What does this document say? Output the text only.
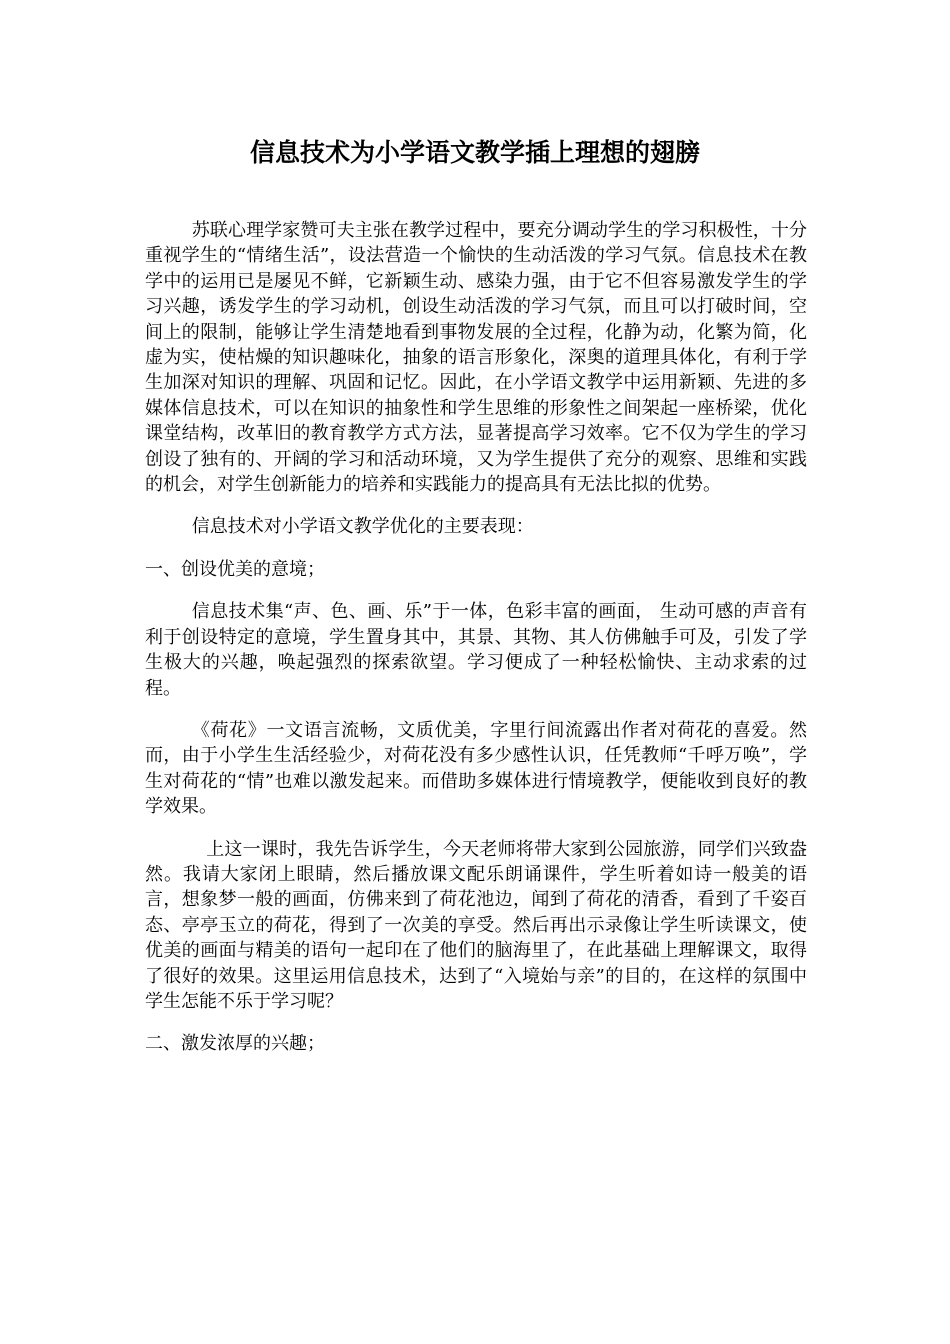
信息技术为小学语文教学插上理想的翅膀

苏联心理学家赞可夫主张在教学过程中，要充分调动学生的学习积极性，十分重视学生的“情绪生活”，设法营造一个愉快的生动活泼的学习气氛。信息技术在教学中的运用已是屡见不鲜，它新颖生动、感染力强，由于它不但容易激发学生的学习兴趣，诱发学生的学习动机，创设生动活泼的学习气氛，而且可以打破时间，空间上的限制，能够让学生清楚地看到事物发展的全过程，化静为动，化繁为简，化虚为实，使枯燥的知识趣味化，抽象的语言形象化，深奥的道理具体化，有利于学生加深对知识的理解、巩固和记忆。因此，在小学语文教学中运用新颖、先进的多媒体信息技术，可以在知识的抽象性和学生思维的形象性之间架起一座桥梁，优化课堂结构，改革旧的教育教学方式方法，显著提高学习效率。它不仅为学生的学习创设了独有的、开阔的学习和活动环境，又为学生提供了充分的观察、思维和实践的机会，对学生创新能力的培养和实践能力的提高具有无法比拟的优势。

信息技术对小学语文教学优化的主要表现：

一、创设优美的意境；

信息技术集“声、色、画、乐”于一体，色彩丰富的画面， 生动可感的声音有利于创设特定的意境，学生置身其中，其景、其物、其人仿佛触手可及，引发了学生极大的兴趣，唤起强烈的探索欲望。学习便成了一种轻松愉快、主动求索的过程。

《荷花》一文语言流畅，文质优美，字里行间流露出作者对荷花的喜爱。然而，由于小学生生活经验少，对荷花没有多少感性认识，任凭教师“千呼万唤”，学生对荷花的“情”也难以激发起来。而借助多媒体进行情境教学，便能收到良好的教学效果。

上这一课时，我先告诉学生，今天老师将带大家到公园旅游，同学们兴致盎然。我请大家闭上眼睛，然后播放课文配乐朗诵课件，学生听着如诗一般美的语言，想象梦一般的画面，仿佛来到了荷花池边，闻到了荷花的清香，看到了千姿百态、亭亭玉立的荷花，得到了一次美的享受。然后再出示录像让学生听读课文，使优美的画面与精美的语句一起印在了他们的脑海里了，在此基础上理解课文，取得了很好的效果。这里运用信息技术，达到了“入境始与亲”的目的，在这样的氛围中学生怎能不乐于学习呢？

二、激发浓厚的兴趣；
